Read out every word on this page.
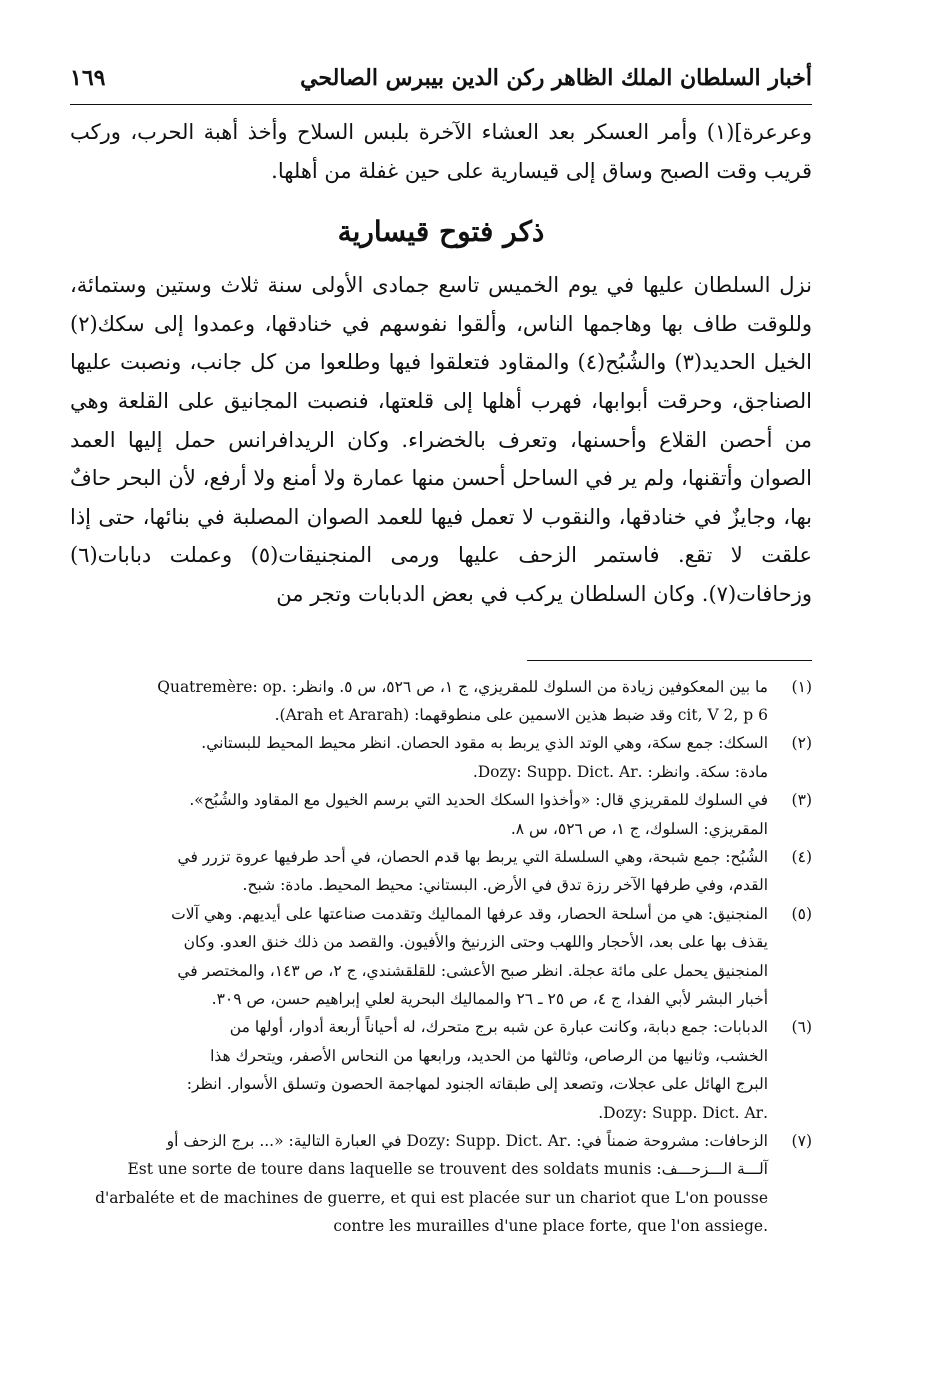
أخبار السلطان الملك الظاهر ركن الدين بيبرس الصالحي
١٦٩

وعرعرة](١) وأمر العسكر بعد العشاء الآخرة بلبس السلاح وأخذ أهبة الحرب، وركب قريب وقت الصبح وساق إلى قيسارية على حين غفلة من أهلها.

ذكر فتوح قيسارية

نزل السلطان عليها في يوم الخميس تاسع جمادى الأولى سنة ثلاث وستين وستمائة، وللوقت طاف بها وهاجمها الناس، وألقوا نفوسهم في خنادقها، وعمدوا إلى سكك(٢) الخيل الحديد(٣) والشُبُح(٤) والمقاود فتعلقوا فيها وطلعوا من كل جانب، ونصبت عليها الصناجق، وحرقت أبوابها، فهرب أهلها إلى قلعتها، فنصبت المجانيق على القلعة وهي من أحصن القلاع وأحسنها، وتعرف بالخضراء. وكان الريدافرانس حمل إليها العمد الصوان وأتقنها، ولم ير في الساحل أحسن منها عمارة ولا أمنع ولا أرفع، لأن البحر حافٌ بها، وجايزٌ في خنادقها، والنقوب لا تعمل فيها للعمد الصوان المصلبة في بنائها، حتى إذا علقت لا تقع. فاستمر الزحف عليها ورمى المنجنيقات(٥) وعملت دبابات(٦) وزحافات(٧). وكان السلطان يركب في بعض الدبابات وتجر من

(١)
ما بين المعكوفين زيادة من السلوك للمقريزي، ج ١، ص ٥٢٦، س ٥. وانظر: .Quatremère: op
cit, V 2, p 6 وقد ضبط هذين الاسمين على منطوقهما: (Arah et Ararah).
(٢)
السكك: جمع سكة، وهي الوتد الذي يربط به مقود الحصان. انظر محيط المحيط للبستاني.
مادة: سكة. وانظر: .Dozy: Supp. Dict. Ar.
(٣)
في السلوك للمقريزي قال: «وأخذوا السكك الحديد التي برسم الخيول مع المقاود والشُبُح».
المقريزي: السلوك، ج ١، ص ٥٢٦، س ٨.
(٤)
الشُبُح: جمع شبحة، وهي السلسلة التي يربط بها قدم الحصان، في أحد طرفيها عروة تزرر في
القدم، وفي طرفها الآخر رزة تدق في الأرض. البستاني: محيط المحيط. مادة: شبح.
(٥)
المنجنيق: هي من أسلحة الحصار، وقد عرفها المماليك وتقدمت صناعتها على أيديهم. وهي آلات
يقذف بها على بعد، الأحجار واللهب وحتى الزرنيخ والأفيون. والقصد من ذلك خنق العدو. وكان
المنجنيق يحمل على مائة عجلة. انظر صبح الأعشى: للقلقشندي، ج ٢، ص ١٤٣، والمختصر في
أخبار البشر لأبي الفدا، ج ٤، ص ٢٥ ـ ٢٦ والمماليك البحرية لعلي إبراهيم حسن، ص ٣٠٩.
(٦)
الدبابات: جمع دبابة، وكانت عبارة عن شبه برج متحرك، له أحياناً أربعة أدوار، أولها من
الخشب، وثانيها من الرصاص، وثالثها من الحديد، ورابعها من النحاس الأصفر، ويتحرك هذا
البرج الهائل على عجلات، وتصعد إلى طبقاته الجنود لمهاجمة الحصون وتسلق الأسوار. انظر:
.Dozy: Supp. Dict. Ar.
(٧)
الزحافات: مشروحة ضمناً في: .Dozy: Supp. Dict. Ar في العبارة التالية: «... برج الزحف أو
آلـــة الـــزحـــف: Est une sorte de toure dans laquelle se trouvent des soldats munis
d'arbaléte et de machines de guerre, et qui est placée sur un chariot que L'on pousse
contre les murailles d'une place forte, que l'on assiege.
